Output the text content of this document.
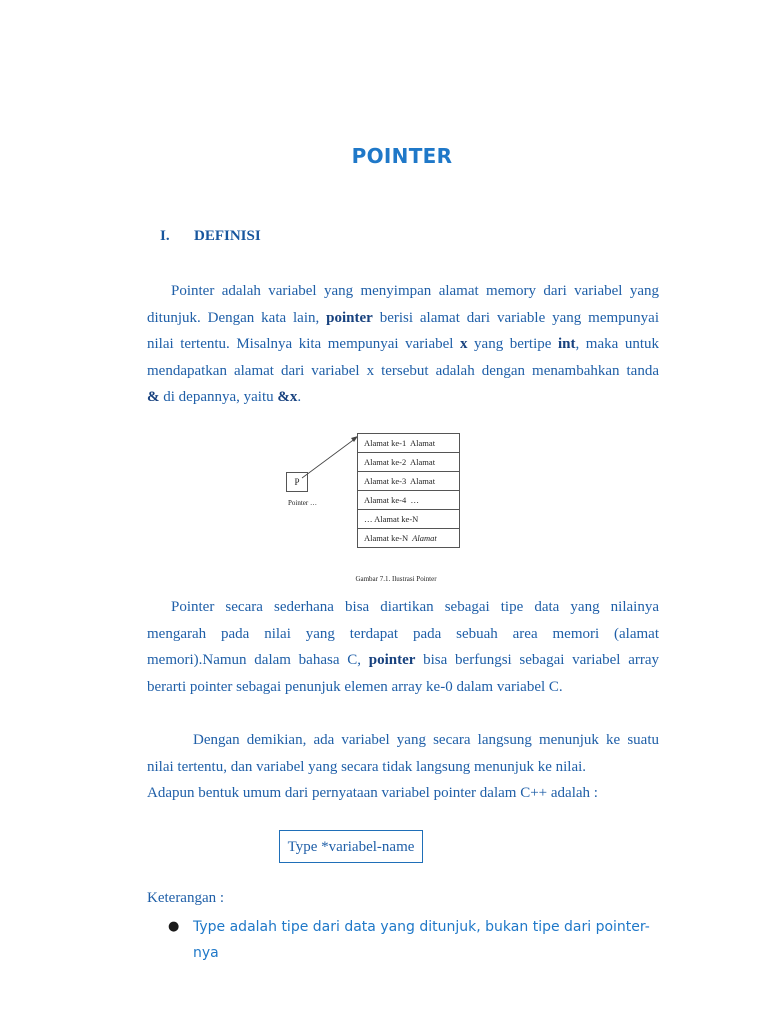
POINTER
I. DEFINISI
Pointer adalah variabel yang menyimpan alamat memory dari variabel yang
ditunjuk. Dengan kata lain, pointer berisi alamat dari variable yang mempunyai
nilai tertentu. Misalnya kita mempunyai variabel x yang bertipe int, maka untuk
mendapatkan alamat dari variabel x tersebut adalah dengan menambahkan tanda
& di depannya, yaitu &x.
P
Pointer …
Alamat ke-1  Alamat
Alamat ke-2  Alamat
Alamat ke-3  Alamat
Alamat ke-4  …
… Alamat ke-N
Alamat ke-N  Alamat
Gambar 7.1. Ilustrasi Pointer
Pointer secara sederhana bisa diartikan sebagai tipe data yang nilainya
mengarah pada nilai yang terdapat pada sebuah area memori (alamat
memori).Namun dalam bahasa C, pointer bisa berfungsi sebagai variabel array
berarti pointer sebagai penunjuk elemen array ke-0 dalam variabel C.
Dengan demikian, ada variabel yang secara langsung menunjuk ke suatu
nilai tertentu, dan variabel yang secara tidak langsung menunjuk ke nilai.
Adapun bentuk umum dari pernyataan variabel pointer dalam C++ adalah :
Type *variabel-name
Keterangan :
● Type adalah tipe dari data yang ditunjuk, bukan tipe dari pointer-nya
